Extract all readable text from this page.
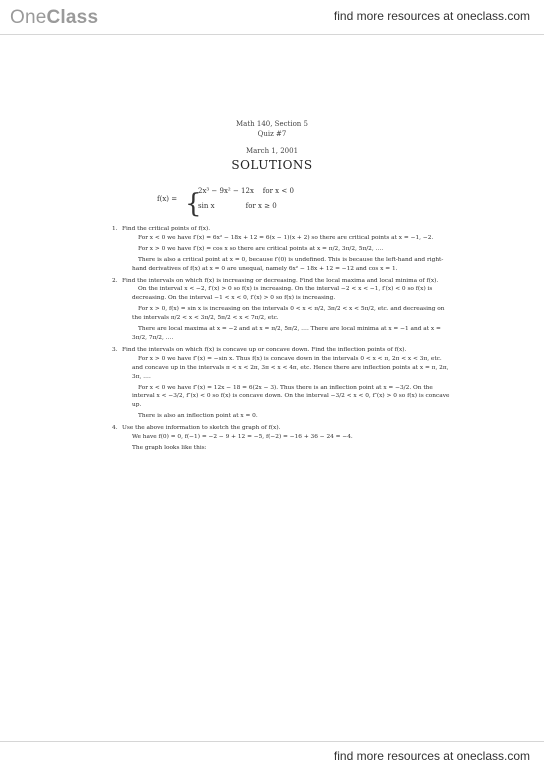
OneClass	find more resources at oneclass.com
Math 140, Section 5
Quiz #7
March 1, 2001
SOLUTIONS
f(x) = {
2x³ − 9x² − 12x    for x < 0
sin x              for x ≥ 0
1. Find the critical points of f(x).
For x < 0 we have f′(x) = 6x² − 18x + 12 = 6(x − 1)(x + 2) so there are critical points at x = −1, −2.
For x > 0 we have f′(x) = cos x so there are critical points at x = π/2, 3π/2, 5π/2, ….
There is also a critical point at x = 0, because f′(0) is undefined. This is because the left-hand and right-hand derivatives of f(x) at x = 0 are unequal, namely 6x² − 18x + 12 = −12 and cos x = 1.
2. Find the intervals on which f(x) is increasing or decreasing. Find the local maxima and local minima of f(x).
On the interval x < −2, f′(x) > 0 so f(x) is increasing. On the interval −2 < x < −1, f′(x) < 0 so f(x) is decreasing. On the interval −1 < x < 0, f′(x) > 0 so f(x) is increasing.
For x > 0, f(x) = sin x is increasing on the intervals 0 < x < π/2, 3π/2 < x < 5π/2, etc. and decreasing on the intervals π/2 < x < 3π/2, 5π/2 < x < 7π/2, etc.
There are local maxima at x = −2 and at x = π/2, 5π/2, …. There are local minima at x = −1 and at x = 3π/2, 7π/2, ….
3. Find the intervals on which f(x) is concave up or concave down. Find the inflection points of f(x).
For x > 0 we have f″(x) = −sin x. Thus f(x) is concave down in the intervals 0 < x < π, 2π < x < 3π, etc. and concave up in the intervals π < x < 2π, 3π < x < 4π, etc. Hence there are inflection points at x = π, 2π, 3π, ….
For x < 0 we have f″(x) = 12x − 18 = 6(2x − 3). Thus there is an inflection point at x = −3/2. On the interval x < −3/2, f″(x) < 0 so f(x) is concave down. On the interval −3/2 < x < 0, f″(x) > 0 so f(x) is concave up.
There is also an inflection point at x = 0.
4. Use the above information to sketch the graph of f(x).
We have f(0) = 0, f(−1) = −2 − 9 + 12 = −5, f(−2) = −16 + 36 − 24 = −4.
The graph looks like this:
find more resources at oneclass.com
